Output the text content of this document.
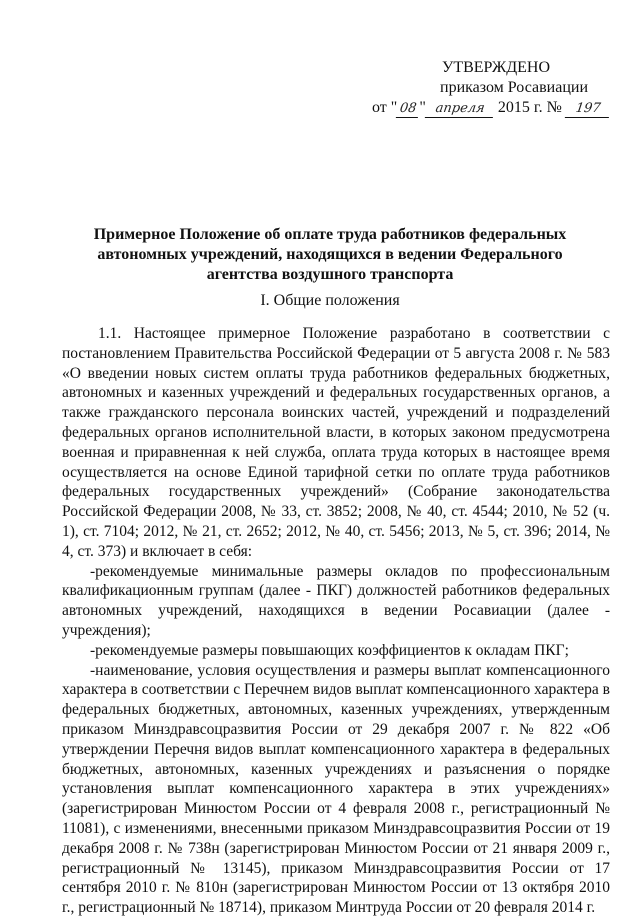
УТВЕРЖДЕНО
приказом Росавиации
от " 08" апреля 2015 г. № 197
Примерное Положение об оплате труда работников федеральных автономных учреждений, находящихся в ведении Федерального агентства воздушного транспорта
I. Общие положения

1.1. Настоящее примерное Положение разработано в соответствии с постановлением Правительства Российской Федерации от 5 августа 2008 г. № 583 «О введении новых систем оплаты труда работников федеральных бюджетных, автономных и казенных учреждений и федеральных государственных органов, а также гражданского персонала воинских частей, учреждений и подразделений федеральных органов исполнительной власти, в которых законом предусмотрена военная и приравненная к ней служба, оплата труда которых в настоящее время осуществляется на основе Единой тарифной сетки по оплате труда работников федеральных государственных учреждений» (Собрание законодательства Российской Федерации 2008, № 33, ст. 3852; 2008, № 40, ст. 4544; 2010, № 52 (ч. 1), ст. 7104; 2012, № 21, ст. 2652; 2012, № 40, ст. 5456; 2013, № 5, ст. 396; 2014, № 4, ст. 373) и включает в себя:

-рекомендуемые минимальные размеры окладов по профессиональным квалификационным группам (далее - ПКГ) должностей работников федеральных автономных учреждений, находящихся в ведении Росавиации (далее - учреждения);

-рекомендуемые размеры повышающих коэффициентов к окладам ПКГ;

-наименование, условия осуществления и размеры выплат компенсационного характера в соответствии с Перечнем видов выплат компенсационного характера в федеральных бюджетных, автономных, казенных учреждениях, утвержденным приказом Минздравсоцразвития России от 29 декабря 2007 г. № 822 «Об утверждении Перечня видов выплат компенсационного характера в федеральных бюджетных, автономных, казенных учреждениях и разъяснения о порядке установления выплат компенсационного характера в этих учреждениях» (зарегистрирован Минюстом России от 4 февраля 2008 г., регистрационный № 11081), с изменениями, внесенными приказом Минздравсоцразвития России от 19 декабря 2008 г. № 738н (зарегистрирован Минюстом России от 21 января 2009 г., регистрационный № 13145), приказом Минздравсоцразвития России от 17 сентября 2010 г. № 810н (зарегистрирован Минюстом России от 13 октября 2010 г., регистрационный № 18714), приказом Минтруда России от 20 февраля 2014 г.
